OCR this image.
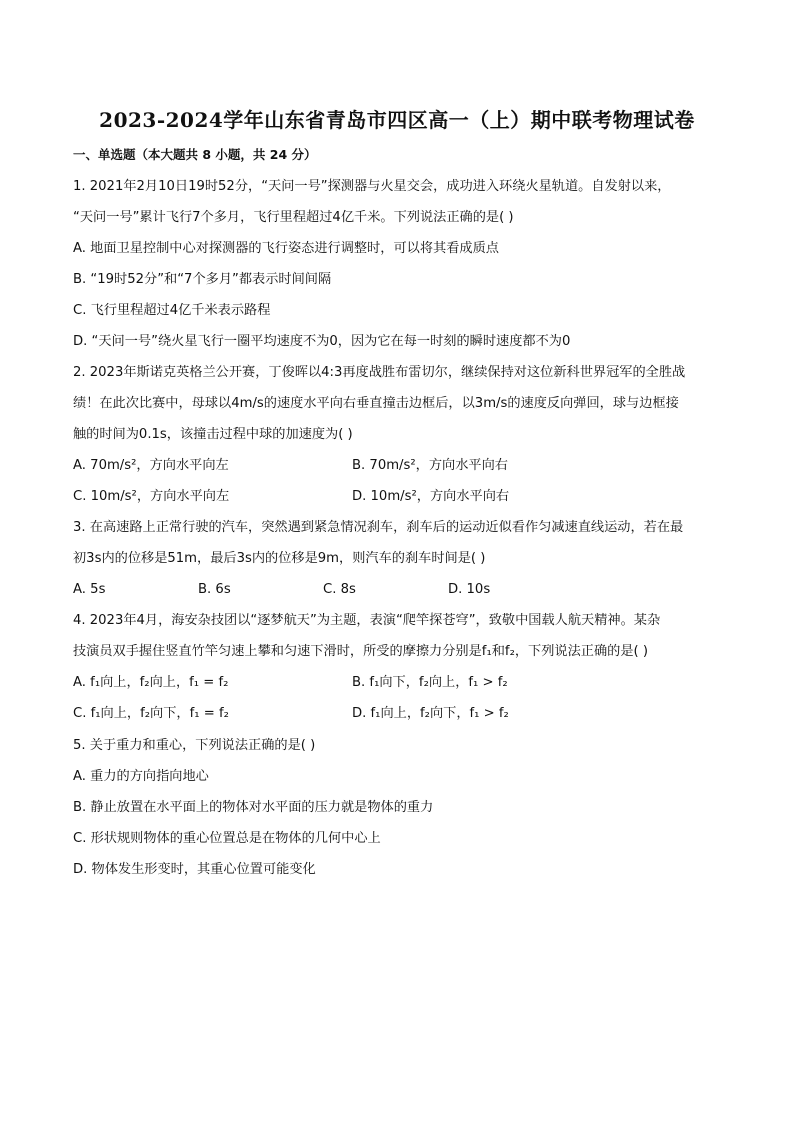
2023-2024学年山东省青岛市四区高一（上）期中联考物理试卷
一、单选题（本大题共 8 小题，共 24 分）
1. 2021年2月10日19时52分，“天问一号”探测器与火星交会，成功进入环绕火星轨道。自发射以来，
“天问一号”累计飞行7个多月，飞行里程超过4亿千米。下列说法正确的是( )
A. 地面卫星控制中心对探测器的飞行姿态进行调整时，可以将其看成质点
B. “19时52分”和“7个多月”都表示时间间隔
C. 飞行里程超过4亿千米表示路程
D. “天问一号”绕火星飞行一圈平均速度不为0，因为它在每一时刻的瞬时速度都不为0
2. 2023年斯诺克英格兰公开赛，丁俊晖以4:3再度战胜布雷切尔，继续保持对这位新科世界冠军的全胜战
绩！在此次比赛中，母球以4m/s的速度水平向右垂直撞击边框后，以3m/s的速度反向弹回，球与边框接
触的时间为0.1s，该撞击过程中球的加速度为( )
A. 70m/s²，方向水平向左	B. 70m/s²，方向水平向右
C. 10m/s²，方向水平向左	D. 10m/s²，方向水平向右
3. 在高速路上正常行驶的汽车，突然遇到紧急情况刹车，刹车后的运动近似看作匀减速直线运动，若在最
初3s内的位移是51m，最后3s内的位移是9m，则汽车的刹车时间是( )
A. 5s	B. 6s	C. 8s	D. 10s
4. 2023年4月，海安杂技团以“逐梦航天”为主题，表演“爬竿探苍穹”，致敬中国载人航天精神。某杂
技演员双手握住竖直竹竿匀速上攀和匀速下滑时，所受的摩擦力分别是f₁和f₂，下列说法正确的是( )
A. f₁向上，f₂向上，f₁ = f₂	B. f₁向下，f₂向上，f₁ > f₂
C. f₁向上，f₂向下，f₁ = f₂	D. f₁向上，f₂向下，f₁ > f₂
5. 关于重力和重心，下列说法正确的是( )
A. 重力的方向指向地心
B. 静止放置在水平面上的物体对水平面的压力就是物体的重力
C. 形状规则物体的重心位置总是在物体的几何中心上
D. 物体发生形变时，其重心位置可能变化
